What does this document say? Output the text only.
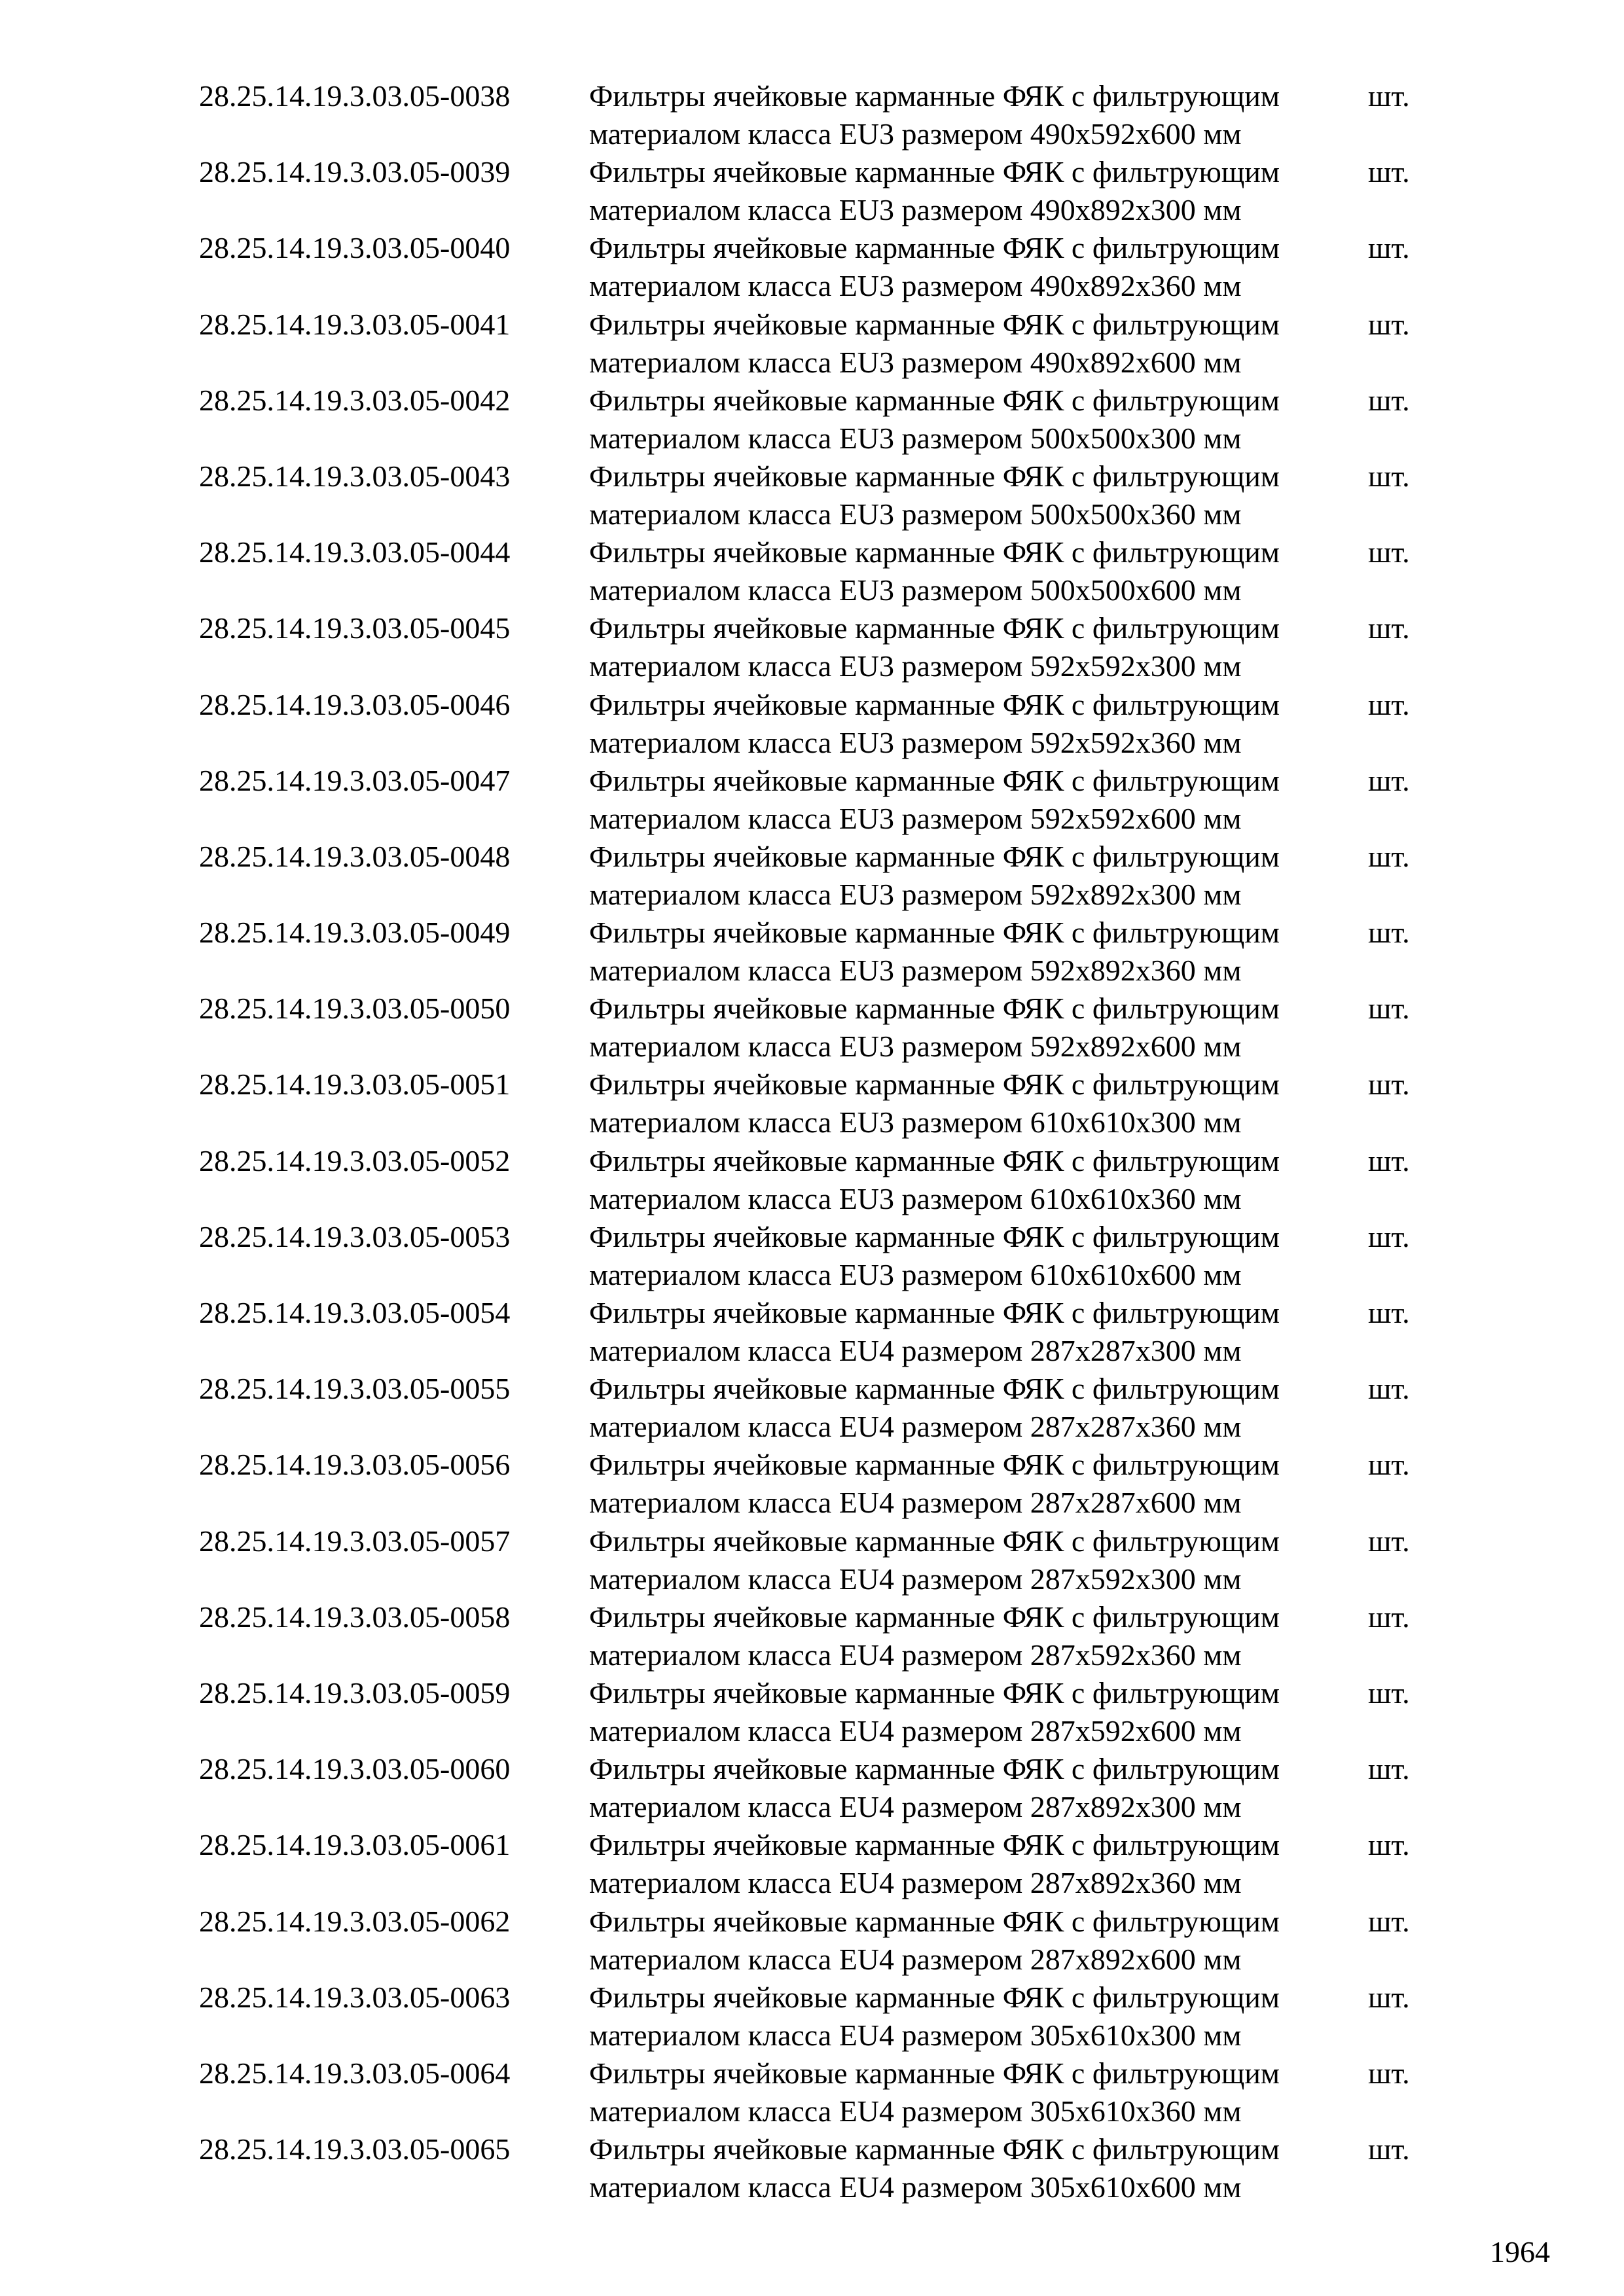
28.25.14.19.3.03.05-0038	Фильтры ячейковые карманные ФЯК с фильтрующим	шт.
материалом класса EU3 размером 490х592х600 мм
28.25.14.19.3.03.05-0039	Фильтры ячейковые карманные ФЯК с фильтрующим	шт.
материалом класса EU3 размером 490х892х300 мм
28.25.14.19.3.03.05-0040	Фильтры ячейковые карманные ФЯК с фильтрующим	шт.
материалом класса EU3 размером 490х892х360 мм
28.25.14.19.3.03.05-0041	Фильтры ячейковые карманные ФЯК с фильтрующим	шт.
материалом класса EU3 размером 490х892х600 мм
28.25.14.19.3.03.05-0042	Фильтры ячейковые карманные ФЯК с фильтрующим	шт.
материалом класса EU3 размером 500х500х300 мм
28.25.14.19.3.03.05-0043	Фильтры ячейковые карманные ФЯК с фильтрующим	шт.
материалом класса EU3 размером 500х500х360 мм
28.25.14.19.3.03.05-0044	Фильтры ячейковые карманные ФЯК с фильтрующим	шт.
материалом класса EU3 размером 500х500х600 мм
28.25.14.19.3.03.05-0045	Фильтры ячейковые карманные ФЯК с фильтрующим	шт.
материалом класса EU3 размером 592х592х300 мм
28.25.14.19.3.03.05-0046	Фильтры ячейковые карманные ФЯК с фильтрующим	шт.
материалом класса EU3 размером 592х592х360 мм
28.25.14.19.3.03.05-0047	Фильтры ячейковые карманные ФЯК с фильтрующим	шт.
материалом класса EU3 размером 592х592х600 мм
28.25.14.19.3.03.05-0048	Фильтры ячейковые карманные ФЯК с фильтрующим	шт.
материалом класса EU3 размером 592х892х300 мм
28.25.14.19.3.03.05-0049	Фильтры ячейковые карманные ФЯК с фильтрующим	шт.
материалом класса EU3 размером 592х892х360 мм
28.25.14.19.3.03.05-0050	Фильтры ячейковые карманные ФЯК с фильтрующим	шт.
материалом класса EU3 размером 592х892х600 мм
28.25.14.19.3.03.05-0051	Фильтры ячейковые карманные ФЯК с фильтрующим	шт.
материалом класса EU3 размером 610х610х300 мм
28.25.14.19.3.03.05-0052	Фильтры ячейковые карманные ФЯК с фильтрующим	шт.
материалом класса EU3 размером 610х610х360 мм
28.25.14.19.3.03.05-0053	Фильтры ячейковые карманные ФЯК с фильтрующим	шт.
материалом класса EU3 размером 610х610х600 мм
28.25.14.19.3.03.05-0054	Фильтры ячейковые карманные ФЯК с фильтрующим	шт.
материалом класса EU4 размером 287х287х300 мм
28.25.14.19.3.03.05-0055	Фильтры ячейковые карманные ФЯК с фильтрующим	шт.
материалом класса EU4 размером 287х287х360 мм
28.25.14.19.3.03.05-0056	Фильтры ячейковые карманные ФЯК с фильтрующим	шт.
материалом класса EU4 размером 287х287х600 мм
28.25.14.19.3.03.05-0057	Фильтры ячейковые карманные ФЯК с фильтрующим	шт.
материалом класса EU4 размером 287х592х300 мм
28.25.14.19.3.03.05-0058	Фильтры ячейковые карманные ФЯК с фильтрующим	шт.
материалом класса EU4 размером 287х592х360 мм
28.25.14.19.3.03.05-0059	Фильтры ячейковые карманные ФЯК с фильтрующим	шт.
материалом класса EU4 размером 287х592х600 мм
28.25.14.19.3.03.05-0060	Фильтры ячейковые карманные ФЯК с фильтрующим	шт.
материалом класса EU4 размером 287х892х300 мм
28.25.14.19.3.03.05-0061	Фильтры ячейковые карманные ФЯК с фильтрующим	шт.
материалом класса EU4 размером 287х892х360 мм
28.25.14.19.3.03.05-0062	Фильтры ячейковые карманные ФЯК с фильтрующим	шт.
материалом класса EU4 размером 287х892х600 мм
28.25.14.19.3.03.05-0063	Фильтры ячейковые карманные ФЯК с фильтрующим	шт.
материалом класса EU4 размером 305х610х300 мм
28.25.14.19.3.03.05-0064	Фильтры ячейковые карманные ФЯК с фильтрующим	шт.
материалом класса EU4 размером 305х610х360 мм
28.25.14.19.3.03.05-0065	Фильтры ячейковые карманные ФЯК с фильтрующим	шт.
материалом класса EU4 размером 305х610х600 мм
1964
